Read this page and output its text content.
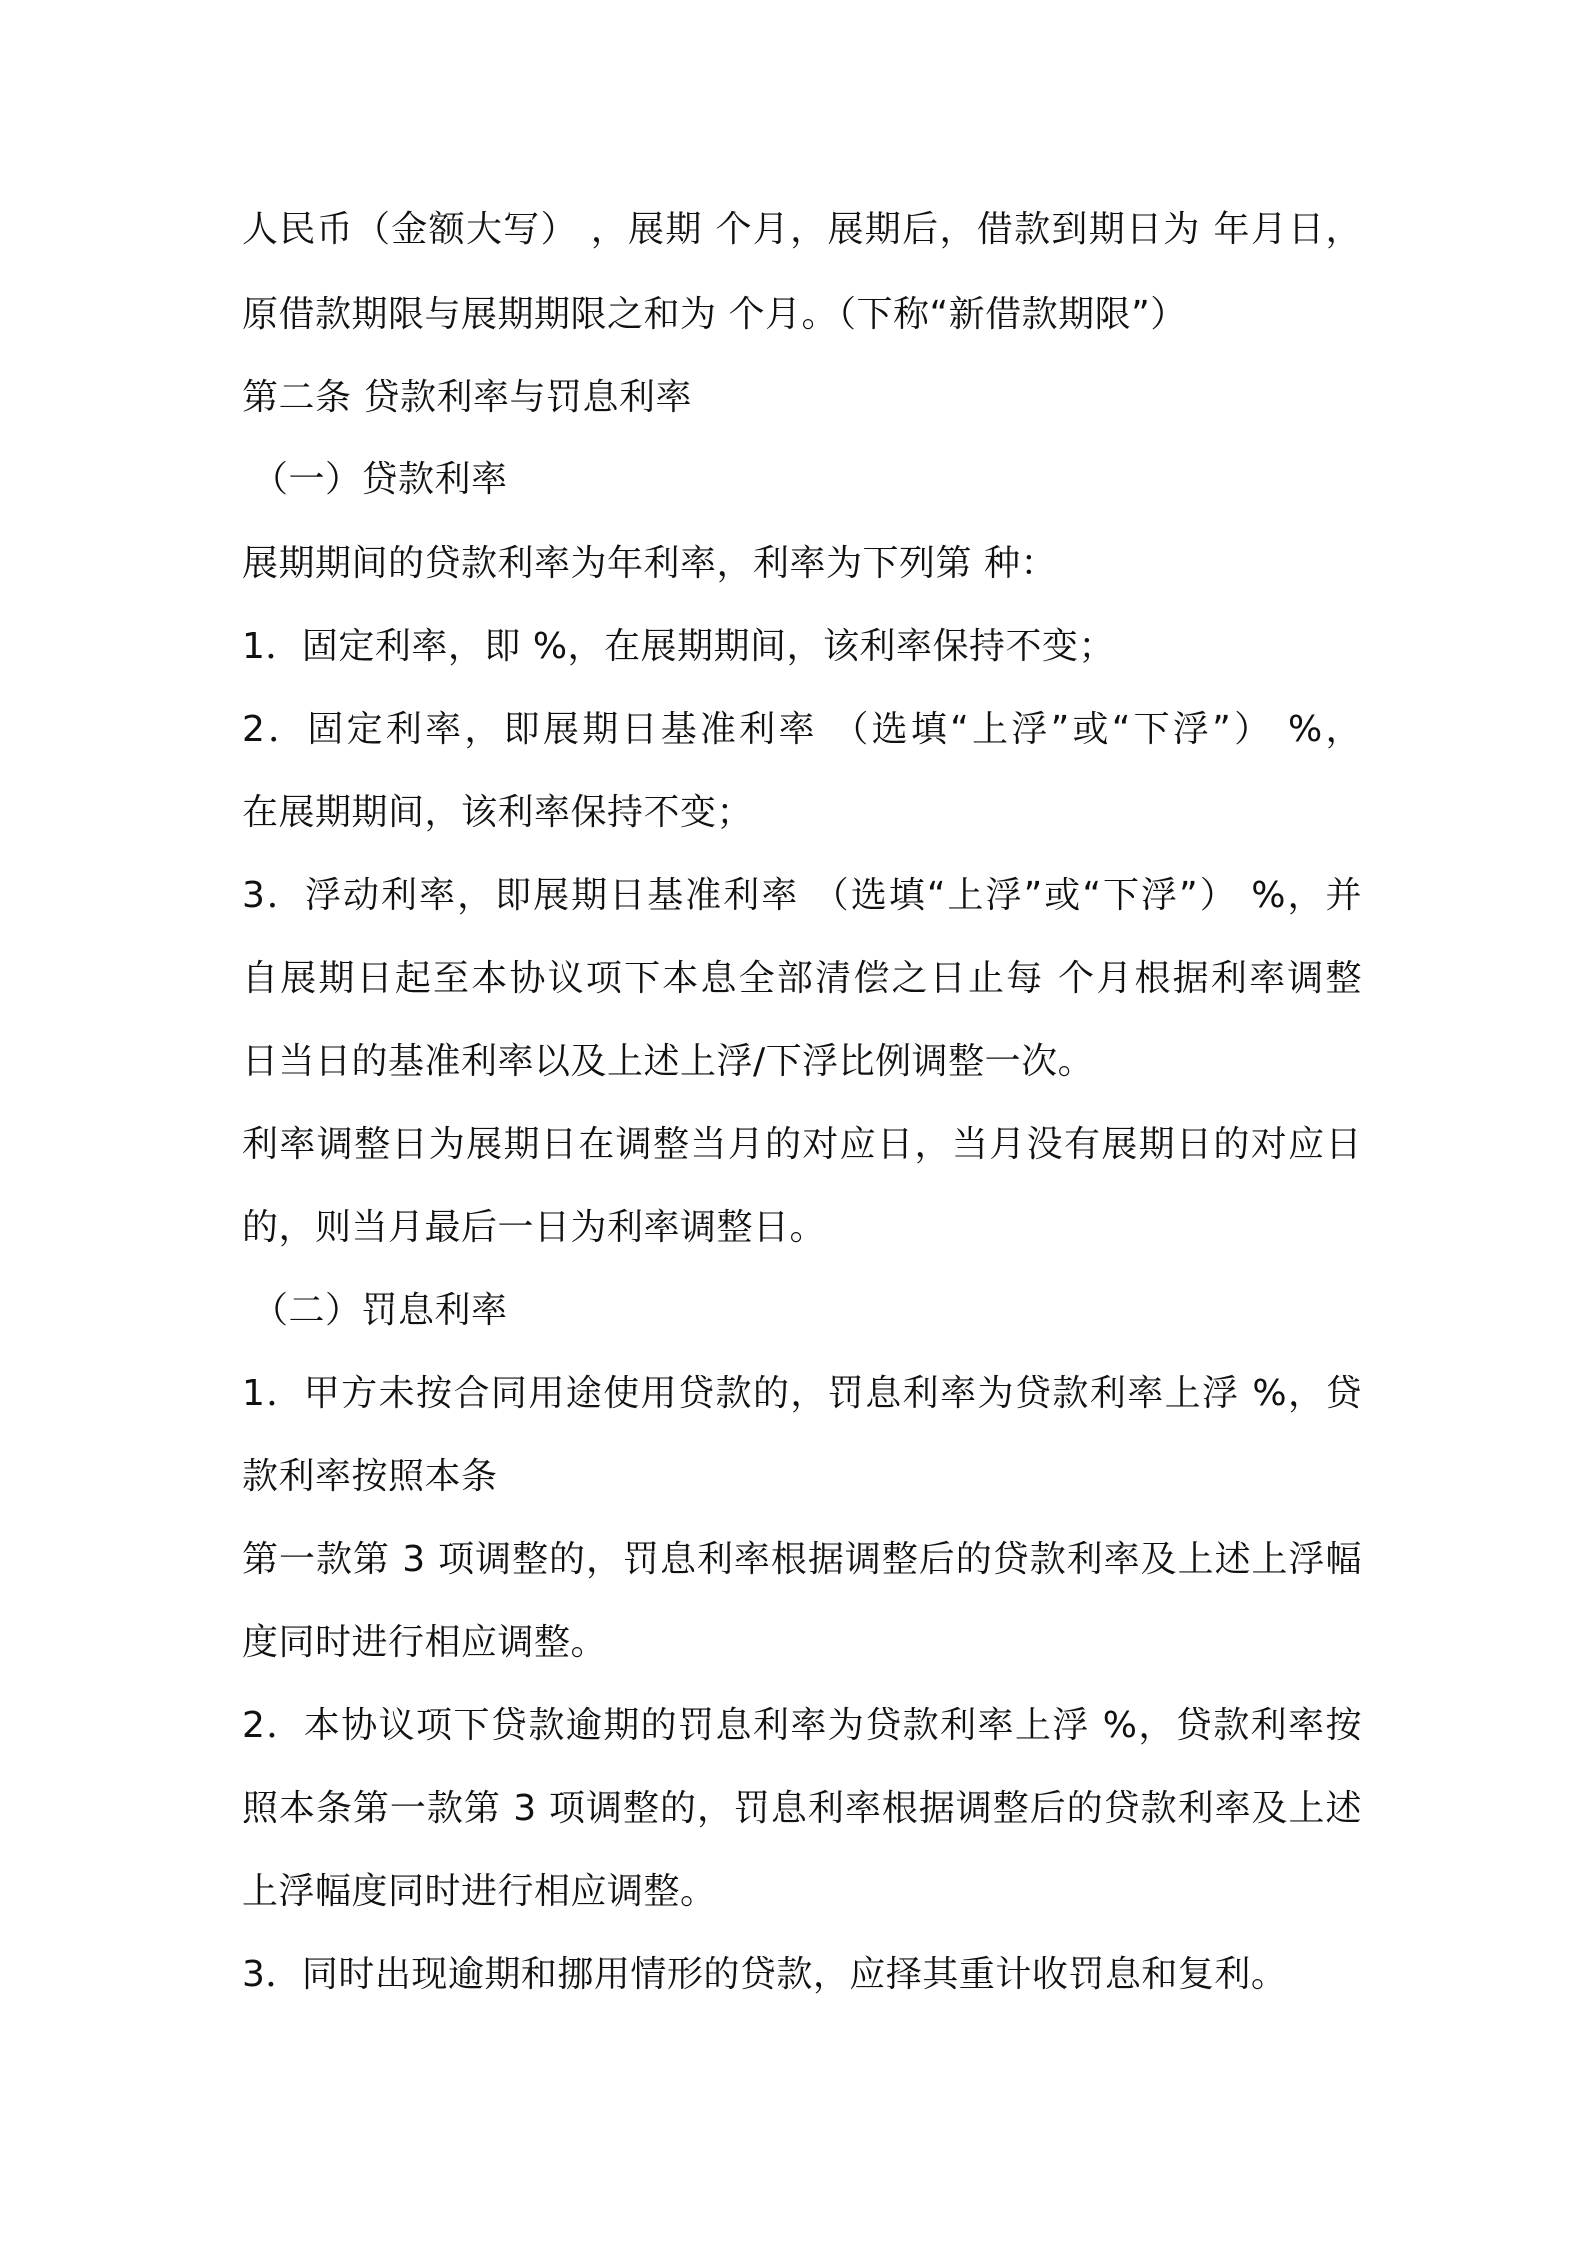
人民币（金额大写） ，展期 个月，展期后，借款到期日为 年月日，

原借款期限与展期期限之和为 个月。（下称“新借款期限”）

第二条 贷款利率与罚息利率

（一）贷款利率

展期期间的贷款利率为年利率，利率为下列第 种：

1．固定利率，即 %，在展期期间，该利率保持不变；

2．固定利率，即展期日基准利率 （选填“上浮”或“下浮”） %，

在展期期间，该利率保持不变；

3．浮动利率，即展期日基准利率 （选填“上浮”或“下浮”） %，并

自展期日起至本协议项下本息全部清偿之日止每 个月根据利率调整

日当日的基准利率以及上述上浮/下浮比例调整一次。

利率调整日为展期日在调整当月的对应日，当月没有展期日的对应日

的，则当月最后一日为利率调整日。

（二）罚息利率

1．甲方未按合同用途使用贷款的，罚息利率为贷款利率上浮 %，贷

款利率按照本条

第一款第 3 项调整的，罚息利率根据调整后的贷款利率及上述上浮幅

度同时进行相应调整。

2．本协议项下贷款逾期的罚息利率为贷款利率上浮 %，贷款利率按

照本条第一款第 3 项调整的，罚息利率根据调整后的贷款利率及上述

上浮幅度同时进行相应调整。

3．同时出现逾期和挪用情形的贷款，应择其重计收罚息和复利。
